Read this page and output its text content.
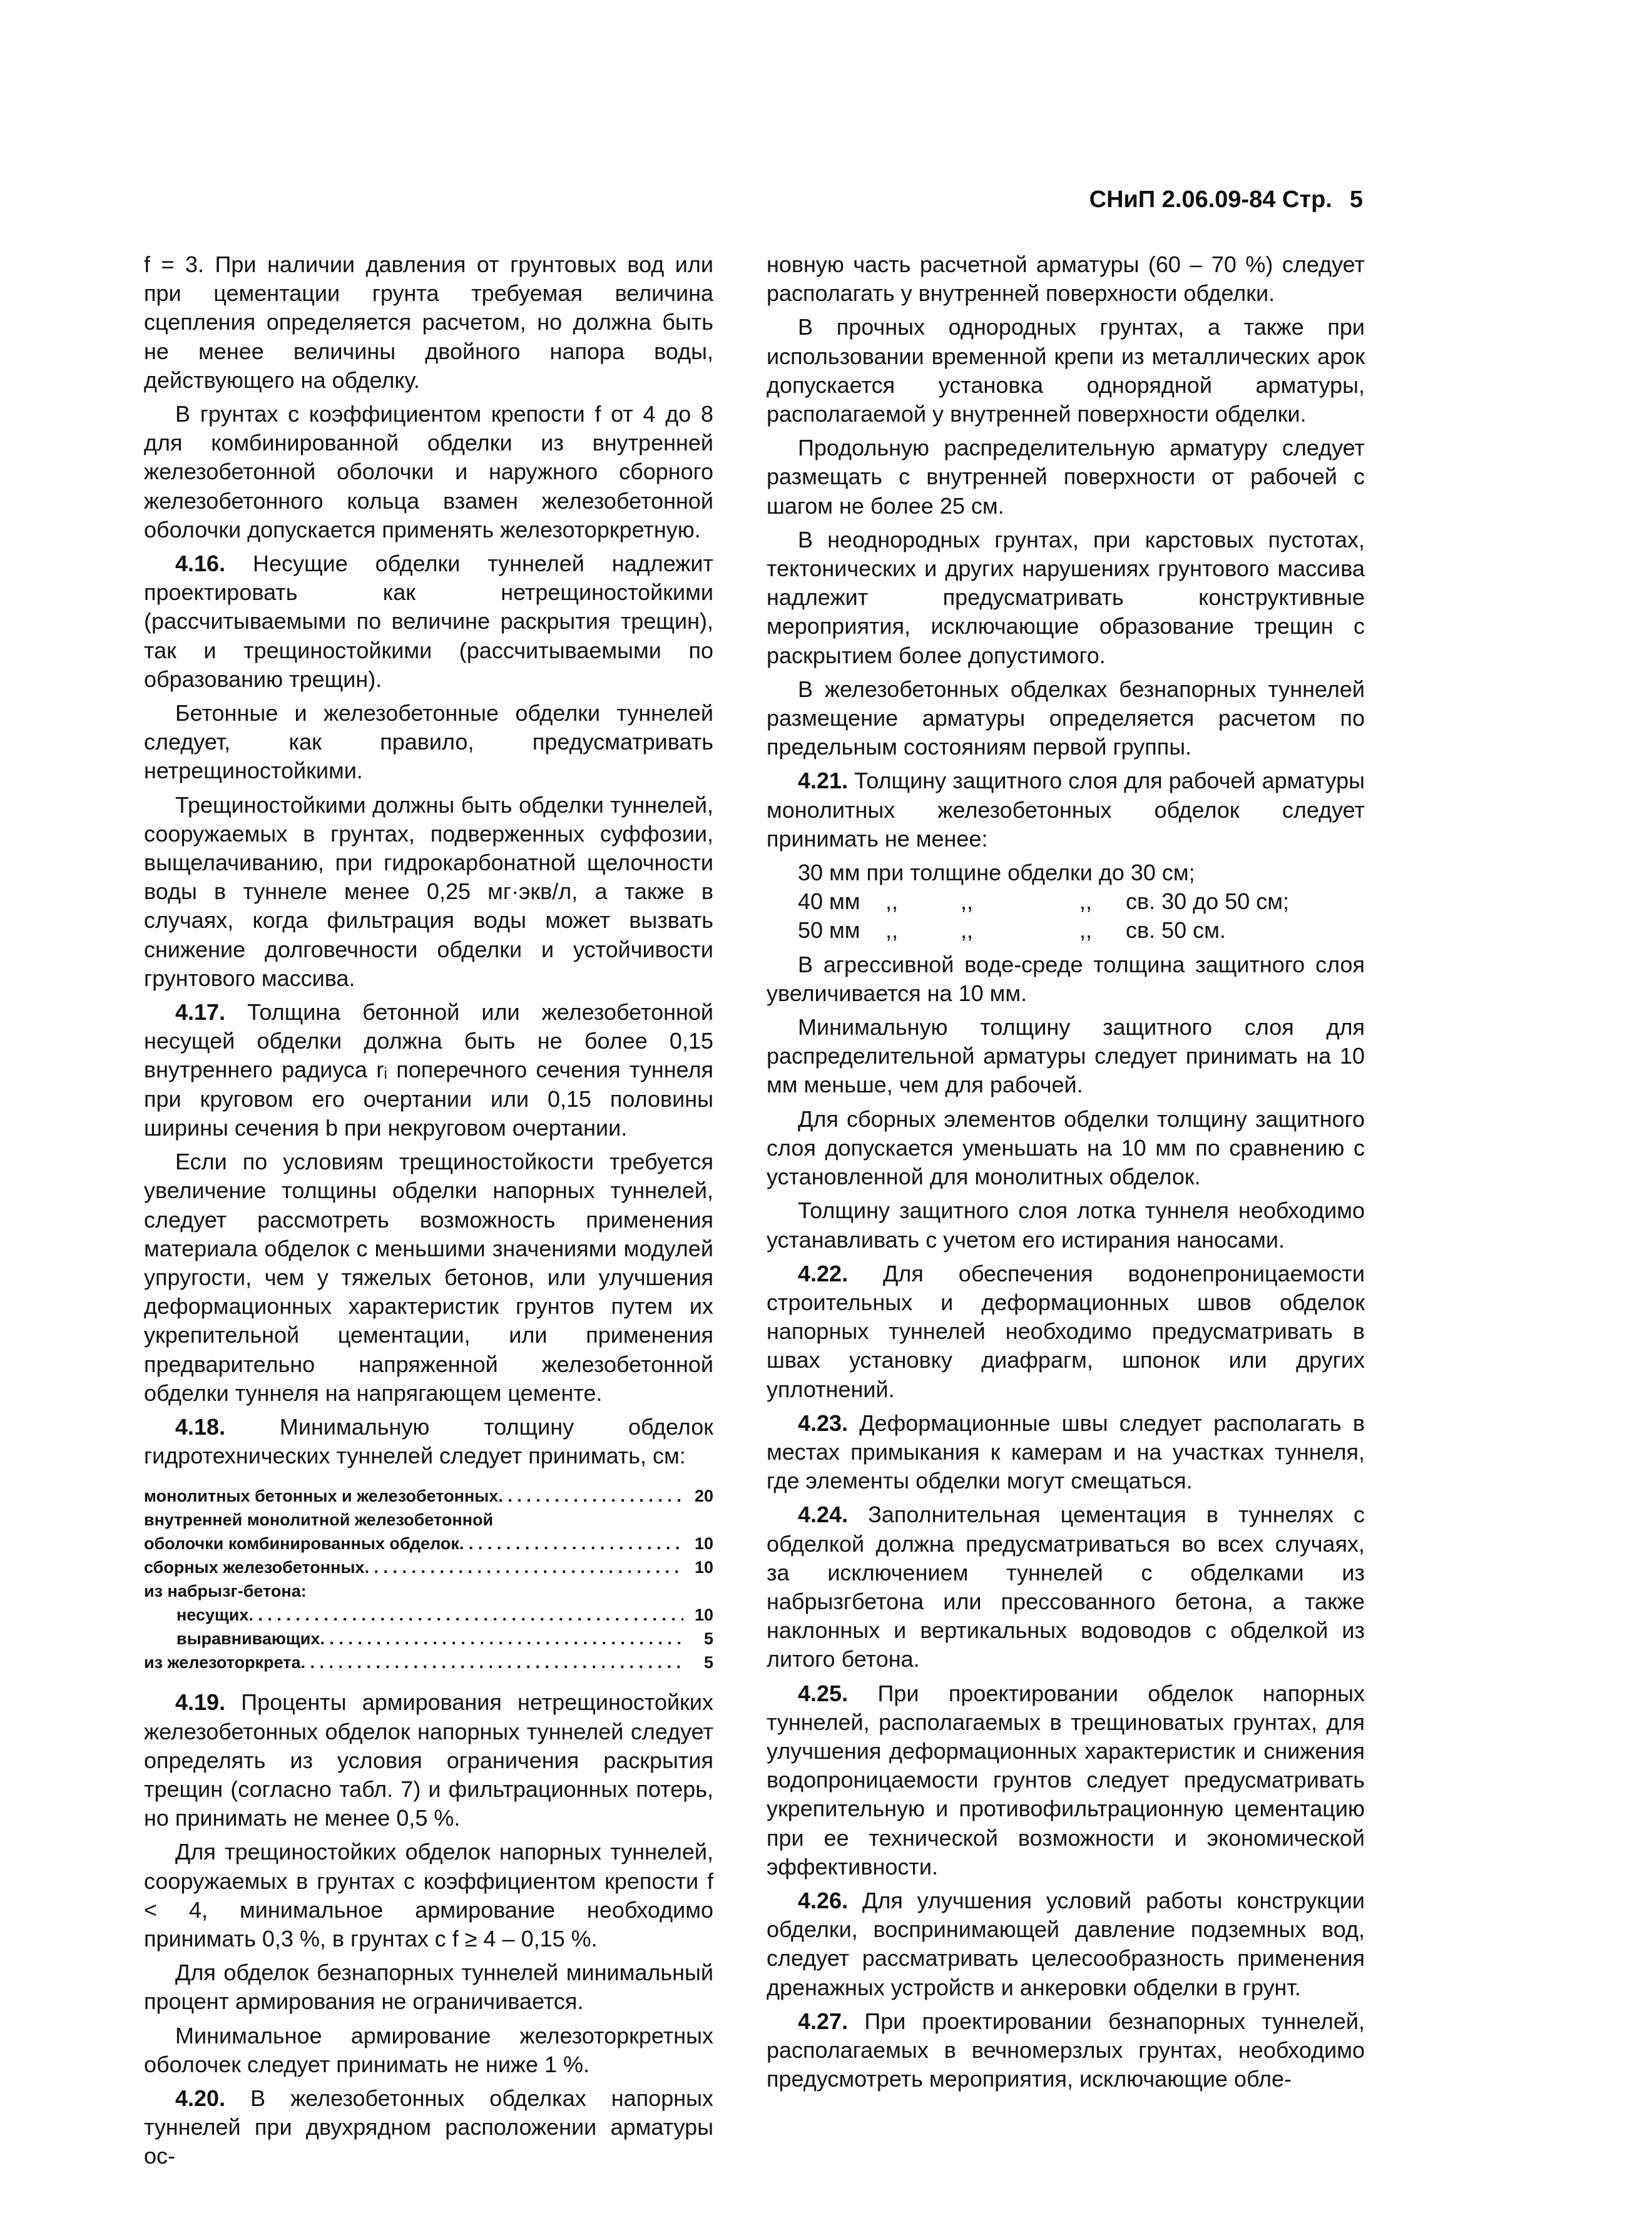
СНиП 2.06.09-84 Стр. 5

f = 3. При наличии давления от грунтовых вод или при цементации грунта требуемая величина сцепления определяется расчетом, но должна быть не менее величины двойного напора воды, действующего на обделку.

В грунтах с коэффициентом крепости f от 4 до 8 для комбинированной обделки из внутренней железобетонной оболочки и наружного сборного железобетонного кольца взамен железобетонной оболочки допускается применять железоторкретную.

4.16. Несущие обделки туннелей надлежит проектировать как нетрещиностойкими (рассчитываемыми по величине раскрытия трещин), так и трещиностойкими (рассчитываемыми по образованию трещин).

Бетонные и железобетонные обделки туннелей следует, как правило, предусматривать нетрещиностойкими.

Трещиностойкими должны быть обделки туннелей, сооружаемых в грунтах, подверженных суффозии, выщелачиванию, при гидрокарбонатной щелочности воды в туннеле менее 0,25 мг·экв/л, а также в случаях, когда фильтрация воды может вызвать снижение долговечности обделки и устойчивости грунтового массива.

4.17. Толщина бетонной или железобетонной несущей обделки должна быть не более 0,15 внутреннего радиуса rᵢ поперечного сечения туннеля при круговом его очертании или 0,15 половины ширины сечения b при некруговом очертании.

Если по условиям трещиностойкости требуется увеличение толщины обделки напорных туннелей, следует рассмотреть возможность применения материала обделок с меньшими значениями модулей упругости, чем у тяжелых бетонов, или улучшения деформационных характеристик грунтов путем их укрепительной цементации, или применения предварительно напряженной железобетонной обделки туннеля на напрягающем цементе.

4.18. Минимальную толщину обделок гидротехнических туннелей следует принимать, см:

монолитных бетонных и железобетонных . . .	20
внутренней монолитной железобетонной
оболочки комбинированных обделок . . .	10
сборных железобетонных . . .	10
из набрызг-бетона:
несущих . . .	10
выравнивающих . . .	5
из железоторкрета . . .	5

4.19. Проценты армирования нетрещиностойких железобетонных обделок напорных туннелей следует определять из условия ограничения раскрытия трещин (согласно табл. 7) и фильтрационных потерь, но принимать не менее 0,5 %.

Для трещиностойких обделок напорных туннелей, сооружаемых в грунтах с коэффициентом крепости f < 4, минимальное армирование необходимо принимать 0,3 %, в грунтах с f ≥ 4 – 0,15 %.

Для обделок безнапорных туннелей минимальный процент армирования не ограничивается.

Минимальное армирование железоторкретных оболочек следует принимать не ниже 1 %.

4.20. В железобетонных обделках напорных туннелей при двухрядном расположении арматуры ос-

новную часть расчетной арматуры (60 – 70 %) следует располагать у внутренней поверхности обделки.

В прочных однородных грунтах, а также при использовании временной крепи из металлических арок допускается установка однорядной арматуры, располагаемой у внутренней поверхности обделки.

Продольную распределительную арматуру следует размещать с внутренней поверхности от рабочей с шагом не более 25 см.

В неоднородных грунтах, при карстовых пустотах, тектонических и других нарушениях грунтового массива надлежит предусматривать конструктивные мероприятия, исключающие образование трещин с раскрытием более допустимого.

В железобетонных обделках безнапорных туннелей размещение арматуры определяется расчетом по предельным состояниям первой группы.

4.21. Толщину защитного слоя для рабочей арматуры монолитных железобетонных обделок следует принимать не менее:

30 мм при толщине обделки до 30 см;
40 мм	,,	,,	,,	св. 30 до 50 см;
50 мм	,,	,,	,,	св. 50 см.

В агрессивной воде-среде толщина защитного слоя увеличивается на 10 мм.

Минимальную толщину защитного слоя для распределительной арматуры следует принимать на 10 мм меньше, чем для рабочей.

Для сборных элементов обделки толщину защитного слоя допускается уменьшать на 10 мм по сравнению с установленной для монолитных обделок.

Толщину защитного слоя лотка туннеля необходимо устанавливать с учетом его истирания наносами.

4.22. Для обеспечения водонепроницаемости строительных и деформационных швов обделок напорных туннелей необходимо предусматривать в швах установку диафрагм, шпонок или других уплотнений.

4.23. Деформационные швы следует располагать в местах примыкания к камерам и на участках туннеля, где элементы обделки могут смещаться.

4.24. Заполнительная цементация в туннелях с обделкой должна предусматриваться во всех случаях, за исключением туннелей с обделками из набрызгбетона или прессованного бетона, а также наклонных и вертикальных водоводов с обделкой из литого бетона.

4.25. При проектировании обделок напорных туннелей, располагаемых в трещиноватых грунтах, для улучшения деформационных характеристик и снижения водопроницаемости грунтов следует предусматривать укрепительную и противофильтрационную цементацию при ее технической возможности и экономической эффективности.

4.26. Для улучшения условий работы конструкции обделки, воспринимающей давление подземных вод, следует рассматривать целесообразность применения дренажных устройств и анкеровки обделки в грунт.

4.27. При проектировании безнапорных туннелей, располагаемых в вечномерзлых грунтах, необходимо предусмотреть мероприятия, исключающие обле-
